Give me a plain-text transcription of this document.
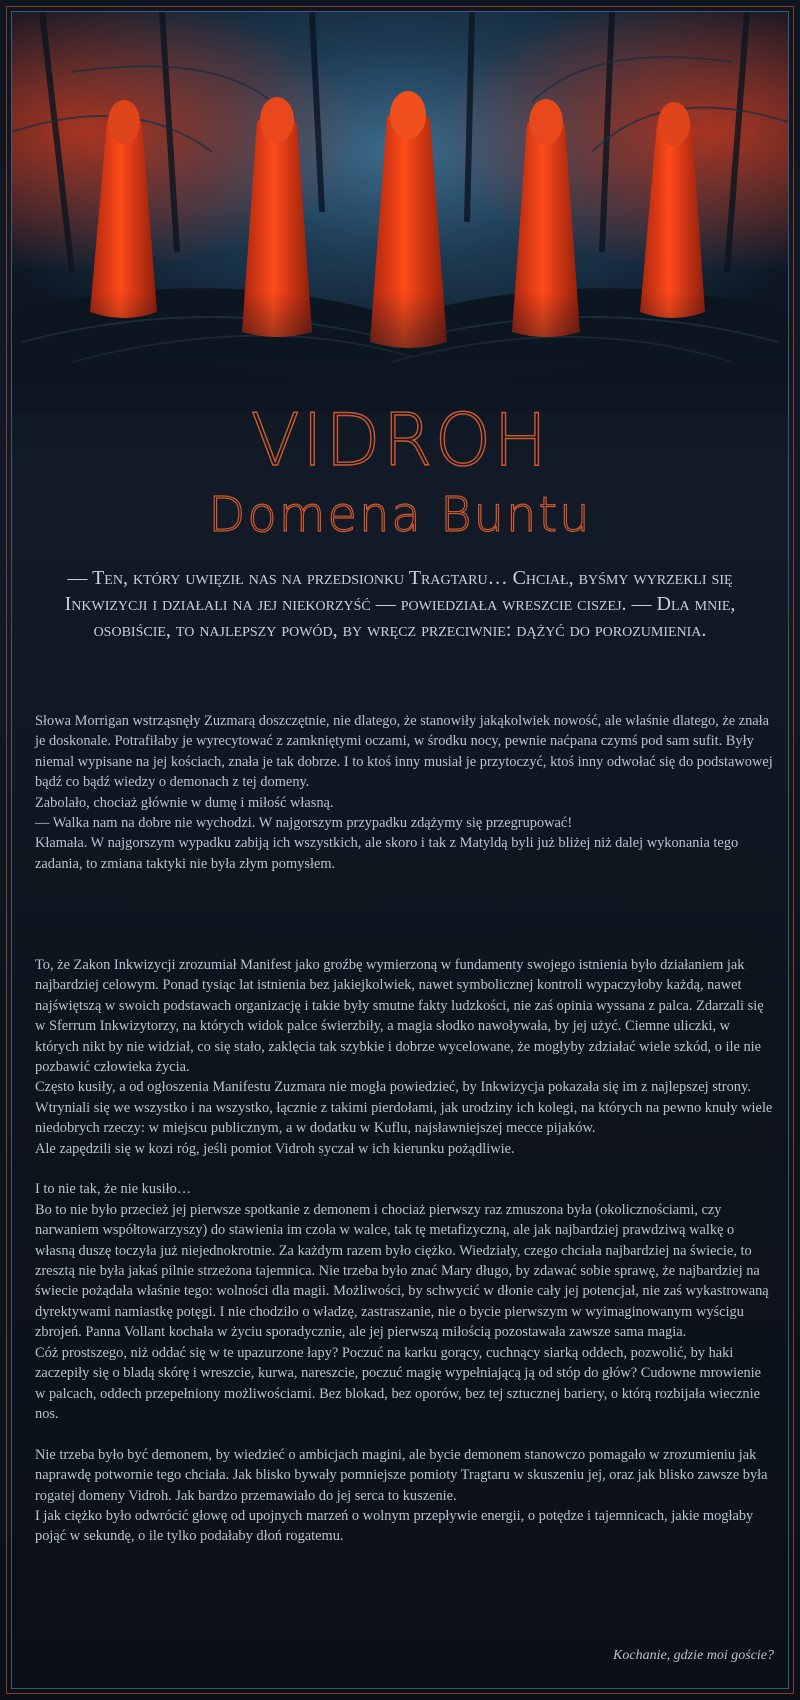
VIDROH
Domena Buntu
— Ten, który uwięził nas na przedsionku Tragtaru… Chciał, byśmy wyrzekli się Inkwizycji i działali na jej niekorzyść — powiedziała wreszcie ciszej. — Dla mnie, osobiście, to najlepszy powód, by wręcz przeciwnie: dążyć do porozumienia.

Słowa Morrigan wstrząsnęły Zuzmarą doszczętnie, nie dlatego, że stanowiły jakąkolwiek nowość, ale właśnie dlatego, że znała je doskonale. Potrafiłaby je wyrecytować z zamkniętymi oczami, w środku nocy, pewnie naćpana czymś pod sam sufit. Były niemal wypisane na jej kościach, znała je tak dobrze. I to ktoś inny musiał je przytoczyć, ktoś inny odwołać się do podstawowej bądź co bądź wiedzy o demonach z tej domeny.

Zabolało, chociaż głównie w dumę i miłość własną.

— Walka nam na dobre nie wychodzi. W najgorszym przypadku zdążymy się przegrupować!

Kłamała. W najgorszym wypadku zabiją ich wszystkich, ale skoro i tak z Matyldą byli już bliżej niż dalej wykonania tego zadania, to zmiana taktyki nie była złym pomysłem.

To, że Zakon Inkwizycji zrozumiał Manifest jako groźbę wymierzoną w fundamenty swojego istnienia było działaniem jak najbardziej celowym. Ponad tysiąc lat istnienia bez jakiejkolwiek, nawet symbolicznej kontroli wypaczyłoby każdą, nawet najświętszą w swoich podstawach organizację i takie były smutne fakty ludzkości, nie zaś opinia wyssana z palca. Zdarzali się w Sferrum Inkwizytorzy, na których widok palce świerzbiły, a magia słodko nawoływała, by jej użyć. Ciemne uliczki, w których nikt by nie widział, co się stało, zaklęcia tak szybkie i dobrze wycelowane, że mogłyby zdziałać wiele szkód, o ile nie pozbawić człowieka życia.

Często kusiły, a od ogłoszenia Manifestu Zuzmara nie mogła powiedzieć, by Inkwizycja pokazała się im z najlepszej strony. Wtryniali się we wszystko i na wszystko, łącznie z takimi pierdołami, jak urodziny ich kolegi, na których na pewno knuły wiele niedobrych rzeczy: w miejscu publicznym, a w dodatku w Kuflu, najsławniejszej mecce pijaków.

Ale zapędzili się w kozi róg, jeśli pomiot Vidroh syczał w ich kierunku pożądliwie.

I to nie tak, że nie kusiło…

Bo to nie było przecież jej pierwsze spotkanie z demonem i chociaż pierwszy raz zmuszona była (okolicznościami, czy narwaniem współtowarzyszy) do stawienia im czoła w walce, tak tę metafizyczną, ale jak najbardziej prawdziwą walkę o własną duszę toczyła już niejednokrotnie. Za każdym razem było ciężko. Wiedziały, czego chciała najbardziej na świecie, to zresztą nie była jakaś pilnie strzeżona tajemnica. Nie trzeba było znać Mary długo, by zdawać sobie sprawę, że najbardziej na świecie pożądała właśnie tego: wolności dla magii. Możliwości, by schwycić w dłonie cały jej potencjał, nie zaś wykastrowaną dyrektywami namiastkę potęgi. I nie chodziło o władzę, zastraszanie, nie o bycie pierwszym w wyimaginowanym wyścigu zbrojeń. Panna Vollant kochała w życiu sporadycznie, ale jej pierwszą miłością pozostawała zawsze sama magia.

Cóż prostszego, niż oddać się w te upazurzone łapy? Poczuć na karku gorący, cuchnący siarką oddech, pozwolić, by haki zaczepiły się o bladą skórę i wreszcie, kurwa, nareszcie, poczuć magię wypełniającą ją od stóp do głów? Cudowne mrowienie w palcach, oddech przepełniony możliwościami. Bez blokad, bez oporów, bez tej sztucznej bariery, o którą rozbijała wiecznie nos.

Nie trzeba było być demonem, by wiedzieć o ambicjach magini, ale bycie demonem stanowczo pomagało w zrozumieniu jak naprawdę potwornie tego chciała. Jak blisko bywały pomniejsze pomioty Tragtaru w skuszeniu jej, oraz jak blisko zawsze była rogatej domeny Vidroh. Jak bardzo przemawiało do jej serca to kuszenie.

I jak ciężko było odwrócić głowę od upojnych marzeń o wolnym przepływie energii, o potędze i tajemnicach, jakie mogłaby pojąć w sekundę, o ile tylko podałaby dłoń rogatemu.

Kochanie, gdzie moi goście?
